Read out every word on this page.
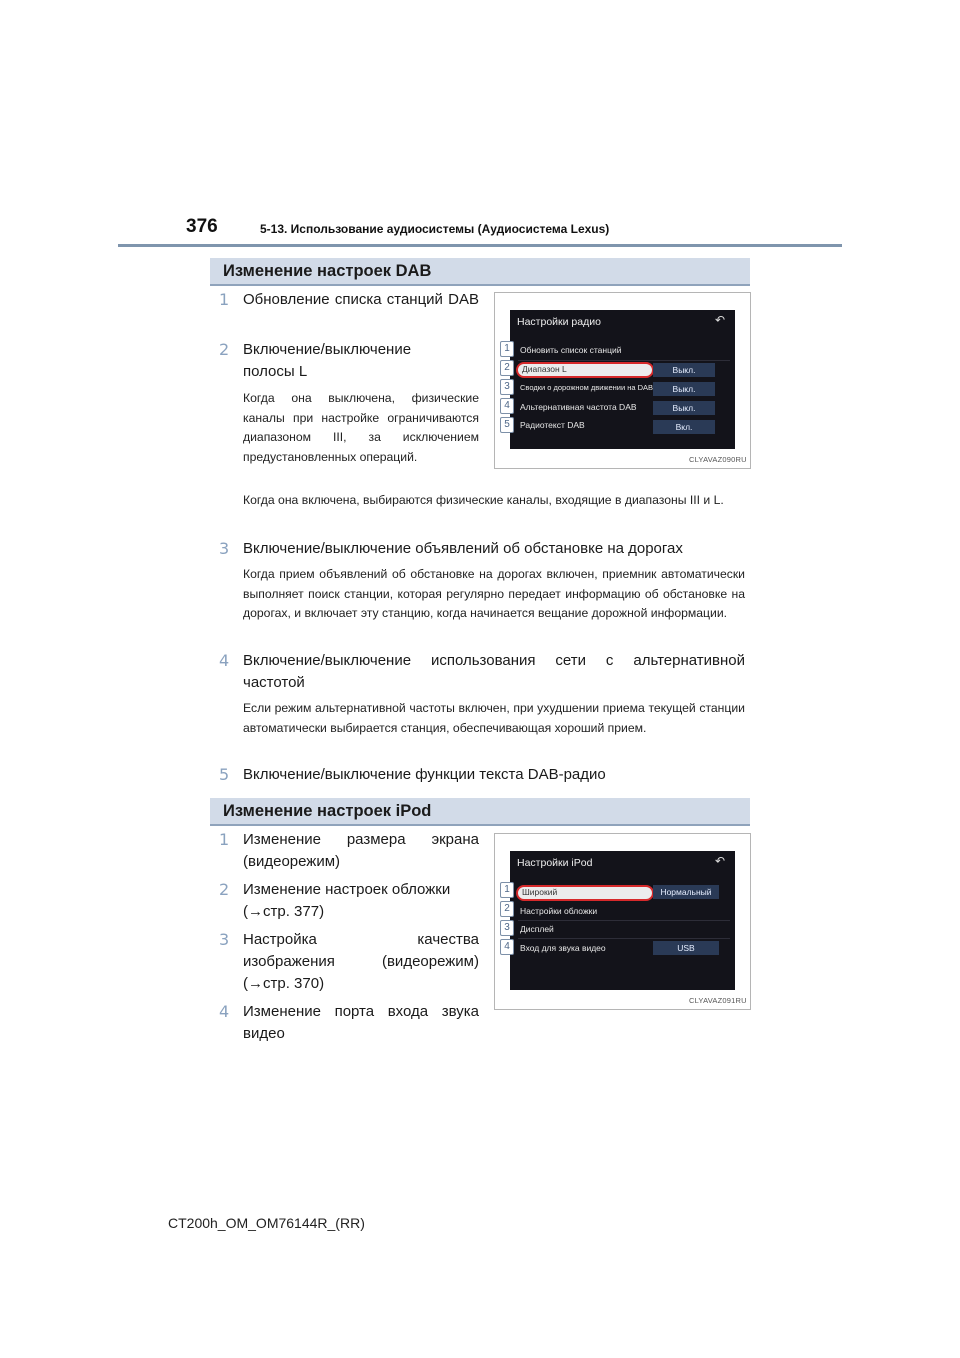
376	5-13. Использование аудиосистемы (Аудиосистема Lexus)
Изменение настроек DAB
1 Обновление списка станций DAB
2 Включение/выключение
полосы L
Когда она выключена, физические каналы при настройке ограничиваются диапазоном III, за исключением предустановленных операций.
Когда она включена, выбираются физические каналы, входящие в диапазоны III и L.
3 Включение/выключение объявлений об обстановке на дорогах
Когда прием объявлений об обстановке на дорогах включен, приемник автоматически выполняет поиск станции, которая регулярно передает информацию об обстановке на дорогах, и включает эту станцию, когда начинается вещание дорожной информации.
4 Включение/выключение использования сети с альтернативной частотой
Если режим альтернативной частоты включен, при ухудшении приема текущей станции автоматически выбирается станция, обеспечивающая хороший прием.
5 Включение/выключение функции текста DAB-радио
Настройки радио	↶
Обновить список станций
Диапазон L	Выкл.
Сводки о дорожном движении на DAB	Выкл.
Альтернативная частота DAB	Выкл.
Радиотекст DAB	Вкл.
1
2
3
4
5
CLYAVAZ090RU
Изменение настроек iPod
1 Изменение размера экрана (видеорежим)
2 Изменение настроек обложки
(→стр. 377)
3 Настройка качества
изображения (видеорежим)
(→стр. 370)
4 Изменение порта входа звука видео
Настройки iPod	↶
Широкий	Нормальный
Настройки обложки
Дисплей
Вход для звука видео	USB
1
2
3
4
CLYAVAZ091RU
CT200h_OM_OM76144R_(RR)
